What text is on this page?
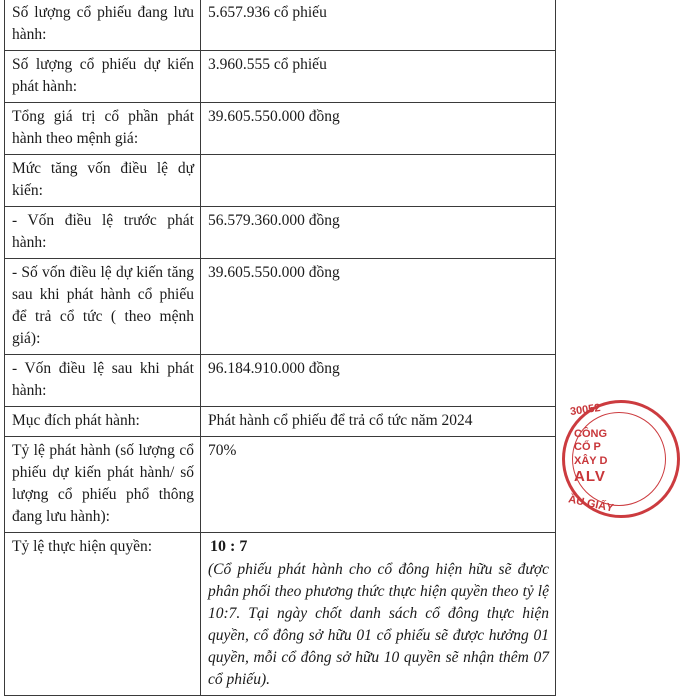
Số lượng cổ phiếu đang lưu hành:	5.657.936 cổ phiếu
Số lượng cổ phiếu dự kiến phát hành:	3.960.555 cổ phiếu
Tổng giá trị cổ phần phát hành theo mệnh giá:	39.605.550.000 đồng
Mức tăng vốn điều lệ dự kiến:	
- Vốn điều lệ trước phát hành:	56.579.360.000 đồng
- Số vốn điều lệ dự kiến tăng sau khi phát hành cổ phiếu để trả cổ tức ( theo mệnh giá):	39.605.550.000 đồng
- Vốn điều lệ sau khi phát hành:	96.184.910.000 đồng
Mục đích phát hành:	Phát hành cổ phiếu để trả cổ tức năm 2024
Tỷ lệ phát hành (số lượng cổ phiếu dự kiến phát hành/ số lượng cổ phiếu phổ thông đang lưu hành):	70%
Tỷ lệ thực hiện quyền:	10 : 7
(Cổ phiếu phát hành cho cổ đông hiện hữu sẽ được phân phối theo phương thức thực hiện quyền theo tỷ lệ 10:7. Tại ngày chốt danh sách cổ đông thực hiện quyền, cổ đông sở hữu 01 cổ phiếu sẽ được hưởng 01 quyền, mỗi cổ đông sở hữu 10 quyền sẽ nhận thêm 07 cổ phiếu).
30052
CÔNG
CỔ P
XÂY D
ALV
ẦU GIẤY
